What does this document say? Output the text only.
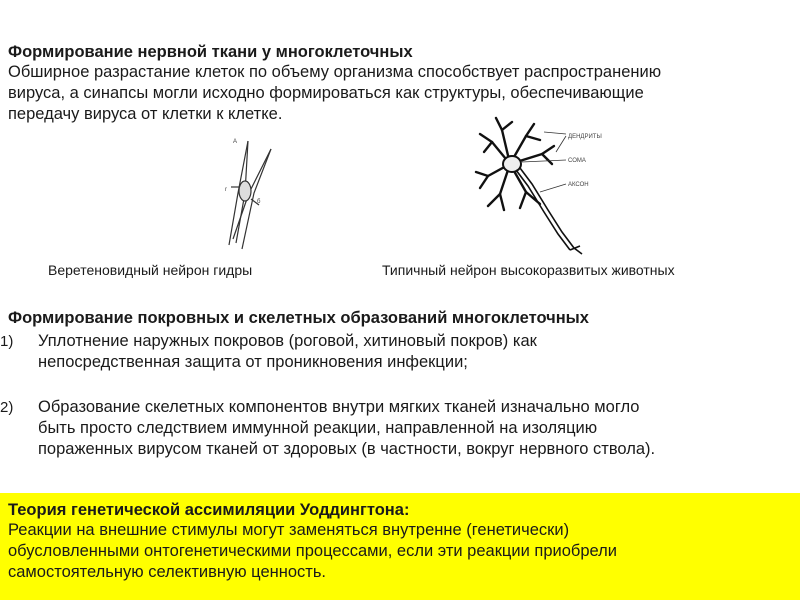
Формирование нервной ткани у многоклеточных
Обширное разрастание клеток по объему организма способствует распространению
вируса, а синапсы могли исходно формироваться как структуры, обеспечивающие
передачу вируса от клетки к клетке.
A
б
r
ДЕНДРИТЫ
СОМА
АКСОН
Веретеновидный нейрон гидры	Типичный нейрон высокоразвитых животных
Формирование покровных и скелетных образований многоклеточных
1) Уплотнение наружных покровов (роговой, хитиновый покров) как
непосредственная защита от проникновения инфекции;
2) Образование скелетных компонентов внутри мягких тканей изначально могло
быть просто следствием иммунной реакции, направленной на изоляцию
пораженных вирусом тканей от здоровых (в частности, вокруг нервного ствола).
Теория генетической ассимиляции Уоддингтона:
Реакции на внешние стимулы могут заменяться внутренне (генетически)
обусловленными онтогенетическими процессами, если эти реакции приобрели
самостоятельную селективную ценность.
